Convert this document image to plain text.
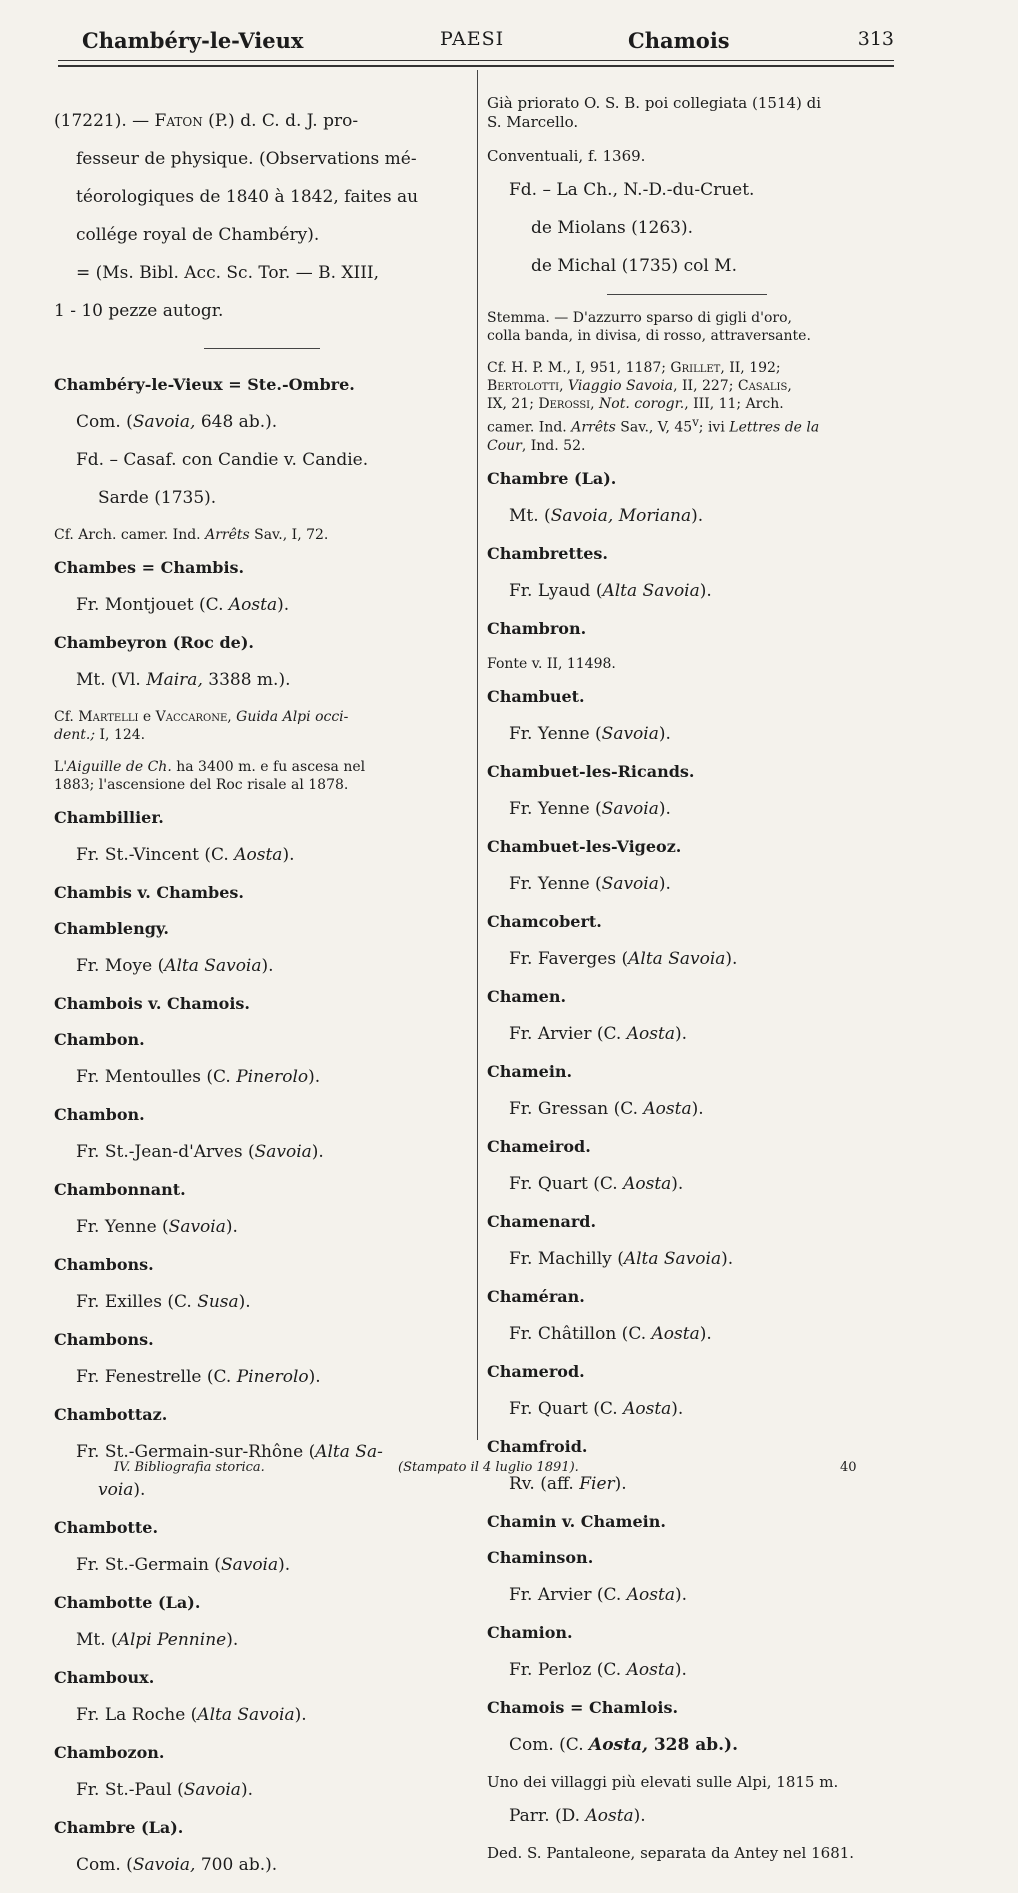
Chambéry-le-Vieux	PAESI	Chamois	313

(17221). — Faton (P.) d. C. d. J. pro-

fesseur de physique. (Observations mé-

téorologiques de 1840 à 1842, faites au

collége royal de Chambéry).

= (Ms. Bibl. Acc. Sc. Tor. — B. XIII,

1 - 10 pezze autogr.

Chambéry-le-Vieux = Ste.-Ombre.

Com. (Savoia, 648 ab.).

Fd. – Casaf. con Candie v. Candie.

Sarde (1735).

Cf. Arch. camer. Ind. Arrêts Sav., I, 72.

Chambes = Chambis.

Fr. Montjouet (C. Aosta).

Chambeyron (Roc de).

Mt. (Vl. Maira, 3388 m.).

Cf. Martelli e Vaccarone, Guida Alpi occi-
dent.; I, 124.

L'Aiguille de Ch. ha 3400 m. e fu ascesa nel
1883; l'ascensione del Roc risale al 1878.

Chambillier.

Fr. St.-Vincent (C. Aosta).

Chambis v. Chambes.

Chamblengy.

Fr. Moye (Alta Savoia).

Chambois v. Chamois.

Chambon.

Fr. Mentoulles (C. Pinerolo).

Chambon.

Fr. St.-Jean-d'Arves (Savoia).

Chambonnant.

Fr. Yenne (Savoia).

Chambons.

Fr. Exilles (C. Susa).

Chambons.

Fr. Fenestrelle (C. Pinerolo).

Chambottaz.

Fr. St.-Germain-sur-Rhône (Alta Sa-

voia).

Chambotte.

Fr. St.-Germain (Savoia).

Chambotte (La).

Mt. (Alpi Pennine).

Chamboux.

Fr. La Roche (Alta Savoia).

Chambozon.

Fr. St.-Paul (Savoia).

Chambre (La).

Com. (Savoia, 700 ab.).

Già priorato O. S. B. poi collegiata (1514) di
S. Marcello.

Conventuali, f. 1369.

Fd. – La Ch., N.-D.-du-Cruet.

de Miolans (1263).

de Michal (1735) col M.

Stemma. — D'azzurro sparso di gigli d'oro,
colla banda, in divisa, di rosso, attraversante.

Cf. H. P. M., I, 951, 1187; Grillet, II, 192;
Bertolotti, Viaggio Savoia, II, 227; Casalis,
IX, 21; Derossi, Not. corogr., III, 11; Arch.
camer. Ind. Arrêts Sav., V, 45$^v$; ivi Lettres de la
Cour, Ind. 52.

Chambre (La).

Mt. (Savoia, Moriana).

Chambrettes.

Fr. Lyaud (Alta Savoia).

Chambron.

Fonte v. II, 11498.

Chambuet.

Fr. Yenne (Savoia).

Chambuet-les-Ricands.

Fr. Yenne (Savoia).

Chambuet-les-Vigeoz.

Fr. Yenne (Savoia).

Chamcobert.

Fr. Faverges (Alta Savoia).

Chamen.

Fr. Arvier (C. Aosta).

Chamein.

Fr. Gressan (C. Aosta).

Chameirod.

Fr. Quart (C. Aosta).

Chamenard.

Fr. Machilly (Alta Savoia).

Chaméran.

Fr. Châtillon (C. Aosta).

Chamerod.

Fr. Quart (C. Aosta).

Chamfroid.

Rv. (aff. Fier).

Chamin v. Chamein.

Chaminson.

Fr. Arvier (C. Aosta).

Chamion.

Fr. Perloz (C. Aosta).

Chamois = Chamlois.

Com. (C. Aosta, 328 ab.).

Uno dei villaggi più elevati sulle Alpi, 1815 m.

Parr. (D. Aosta).

Ded. S. Pantaleone, separata da Antey nel 1681.

IV. Bibliografia storica.	(Stampato il 4 luglio 1891).	40
